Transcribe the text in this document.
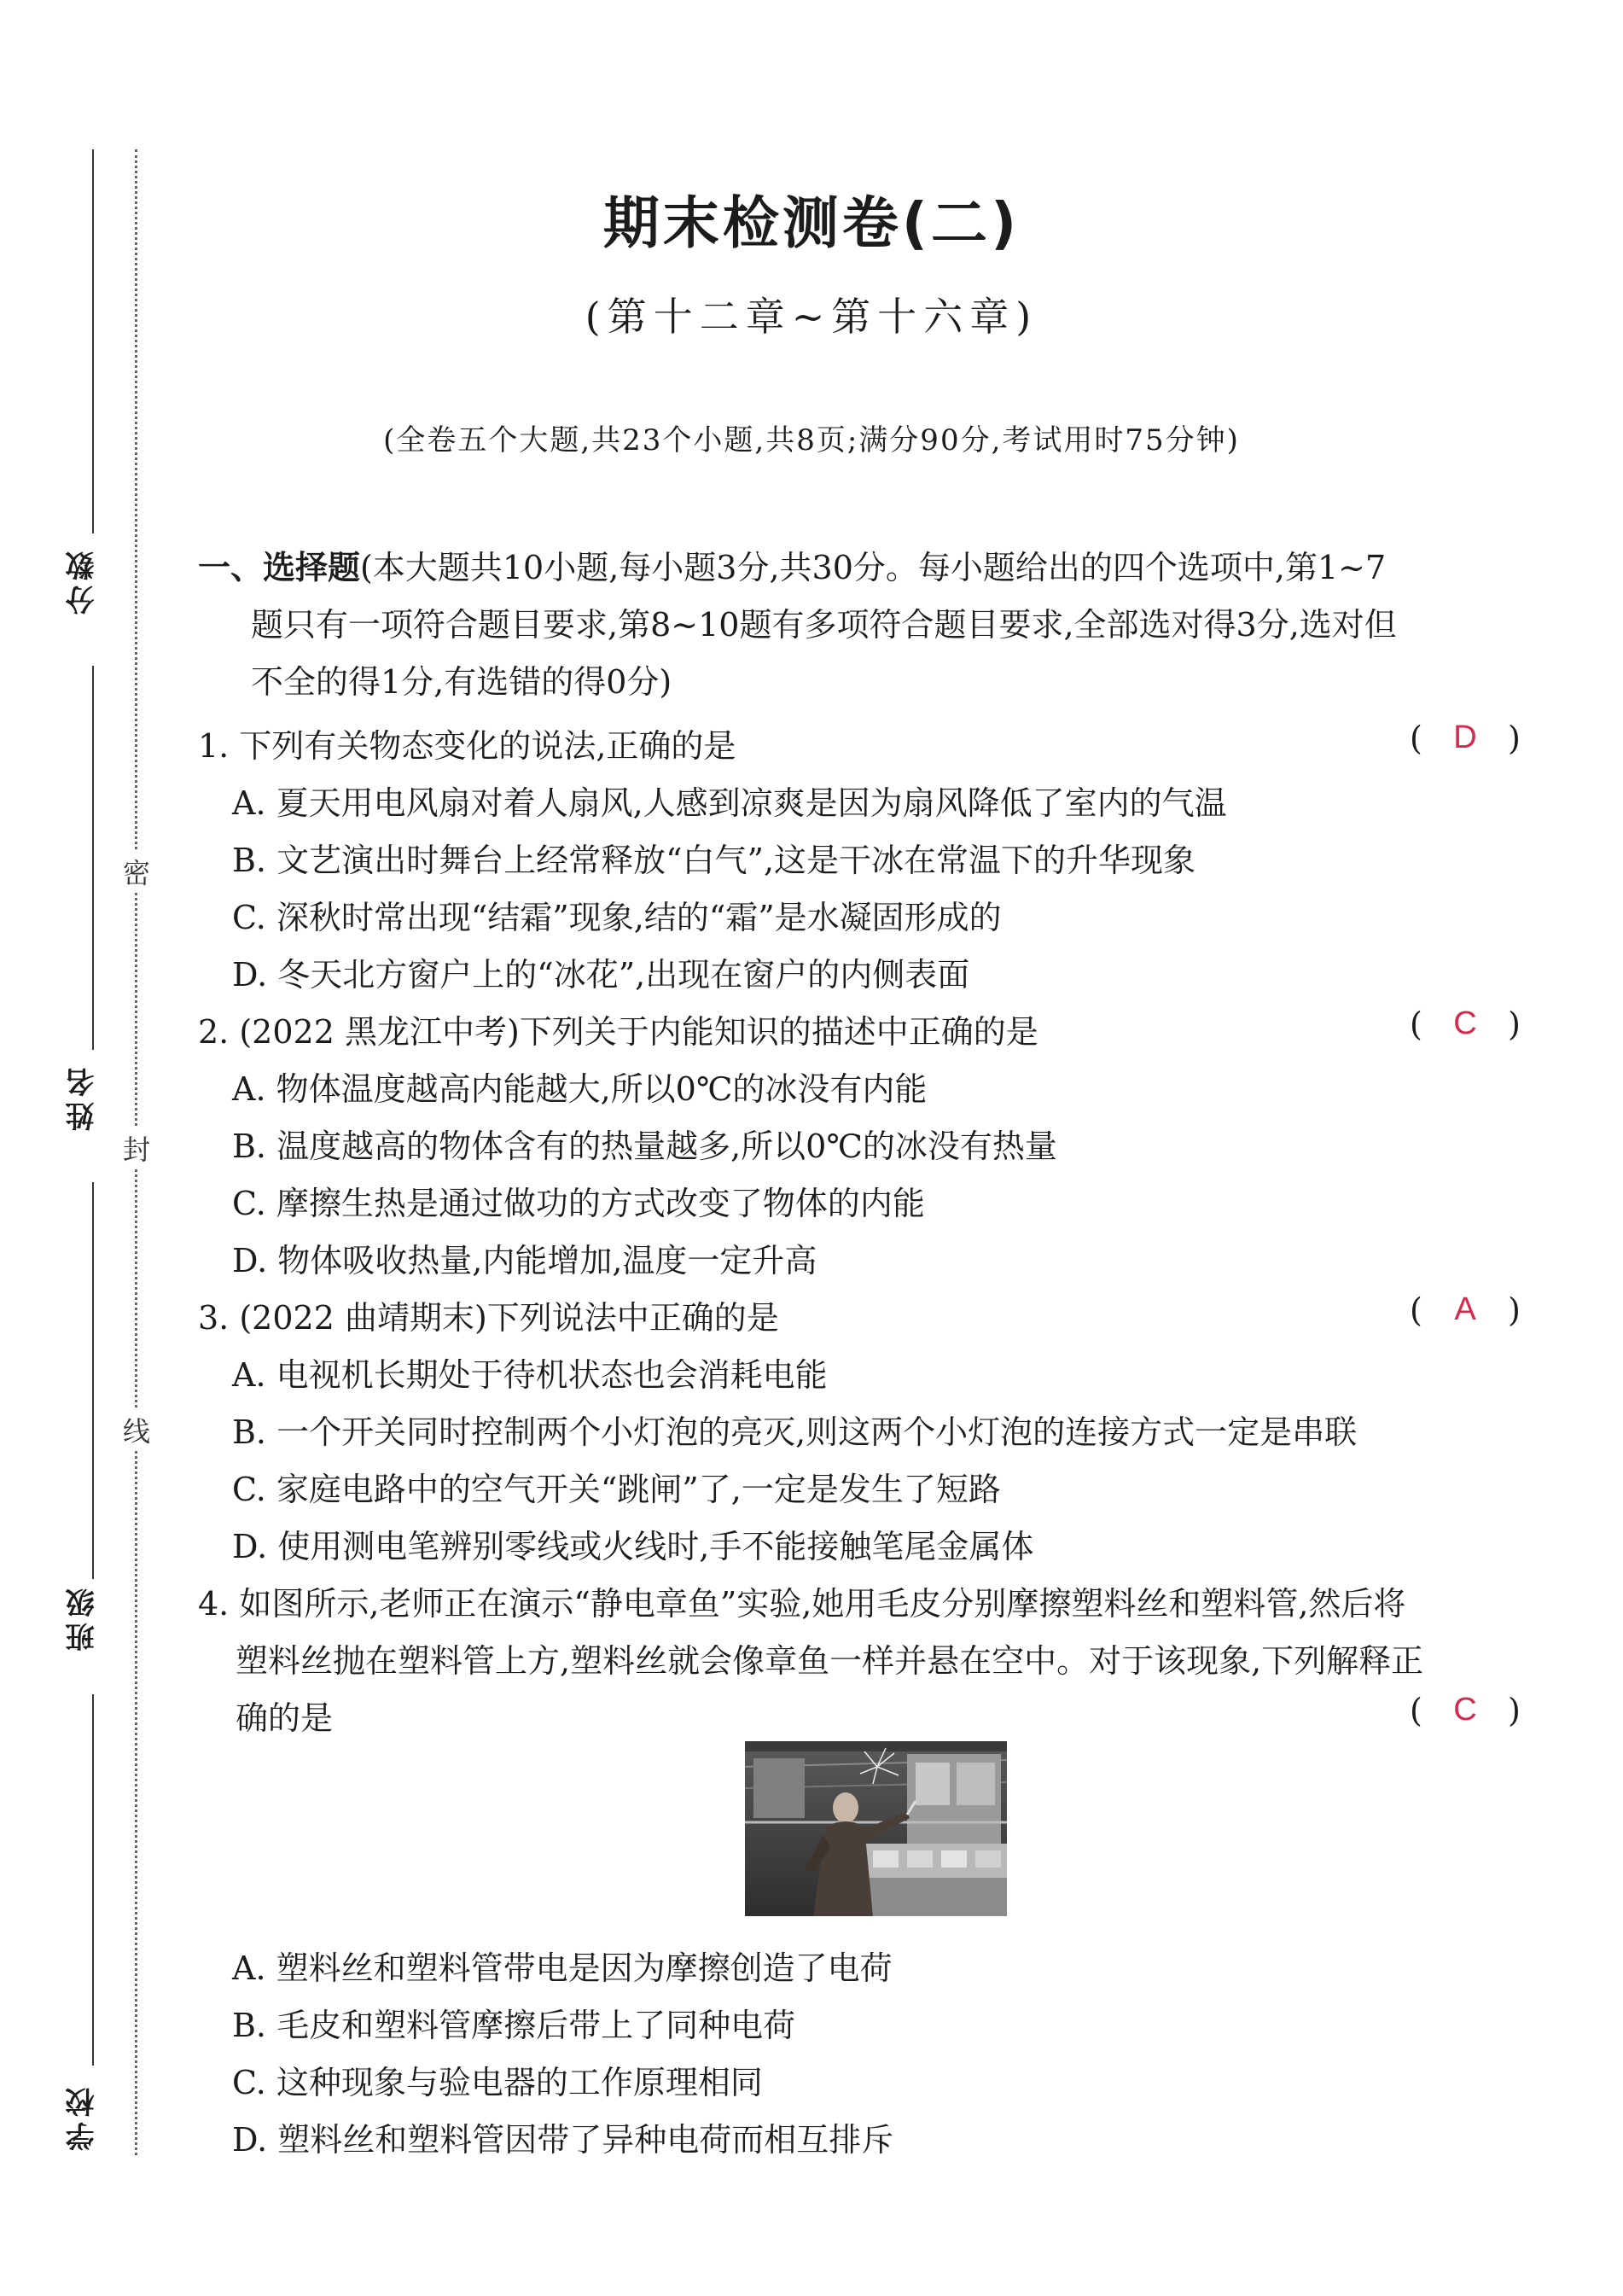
分数
姓名
班级
学校
密
封
线
期末检测卷(二)
(第十二章~第十六章)
(全卷五个大题,共23个小题,共8页;满分90分,考试用时75分钟)
一、选择题(本大题共10小题,每小题3分,共30分。每小题给出的四个选项中,第1~7
题只有一项符合题目要求,第8~10题有多项符合题目要求,全部选对得3分,选对但
不全的得1分,有选错的得0分)
1. 下列有关物态变化的说法,正确的是	( D )
A. 夏天用电风扇对着人扇风,人感到凉爽是因为扇风降低了室内的气温
B. 文艺演出时舞台上经常释放“白气”,这是干冰在常温下的升华现象
C. 深秋时常出现“结霜”现象,结的“霜”是水凝固形成的
D. 冬天北方窗户上的“冰花”,出现在窗户的内侧表面
2. (2022 黑龙江中考)下列关于内能知识的描述中正确的是	( C )
A. 物体温度越高内能越大,所以0℃的冰没有内能
B. 温度越高的物体含有的热量越多,所以0℃的冰没有热量
C. 摩擦生热是通过做功的方式改变了物体的内能
D. 物体吸收热量,内能增加,温度一定升高
3. (2022 曲靖期末)下列说法中正确的是	( A )
A. 电视机长期处于待机状态也会消耗电能
B. 一个开关同时控制两个小灯泡的亮灭,则这两个小灯泡的连接方式一定是串联
C. 家庭电路中的空气开关“跳闸”了,一定是发生了短路
D. 使用测电笔辨别零线或火线时,手不能接触笔尾金属体
4. 如图所示,老师正在演示“静电章鱼”实验,她用毛皮分别摩擦塑料丝和塑料管,然后将
塑料丝抛在塑料管上方,塑料丝就会像章鱼一样并悬在空中。对于该现象,下列解释正
确的是	( C )
A. 塑料丝和塑料管带电是因为摩擦创造了电荷
B. 毛皮和塑料管摩擦后带上了同种电荷
C. 这种现象与验电器的工作原理相同
D. 塑料丝和塑料管因带了异种电荷而相互排斥
